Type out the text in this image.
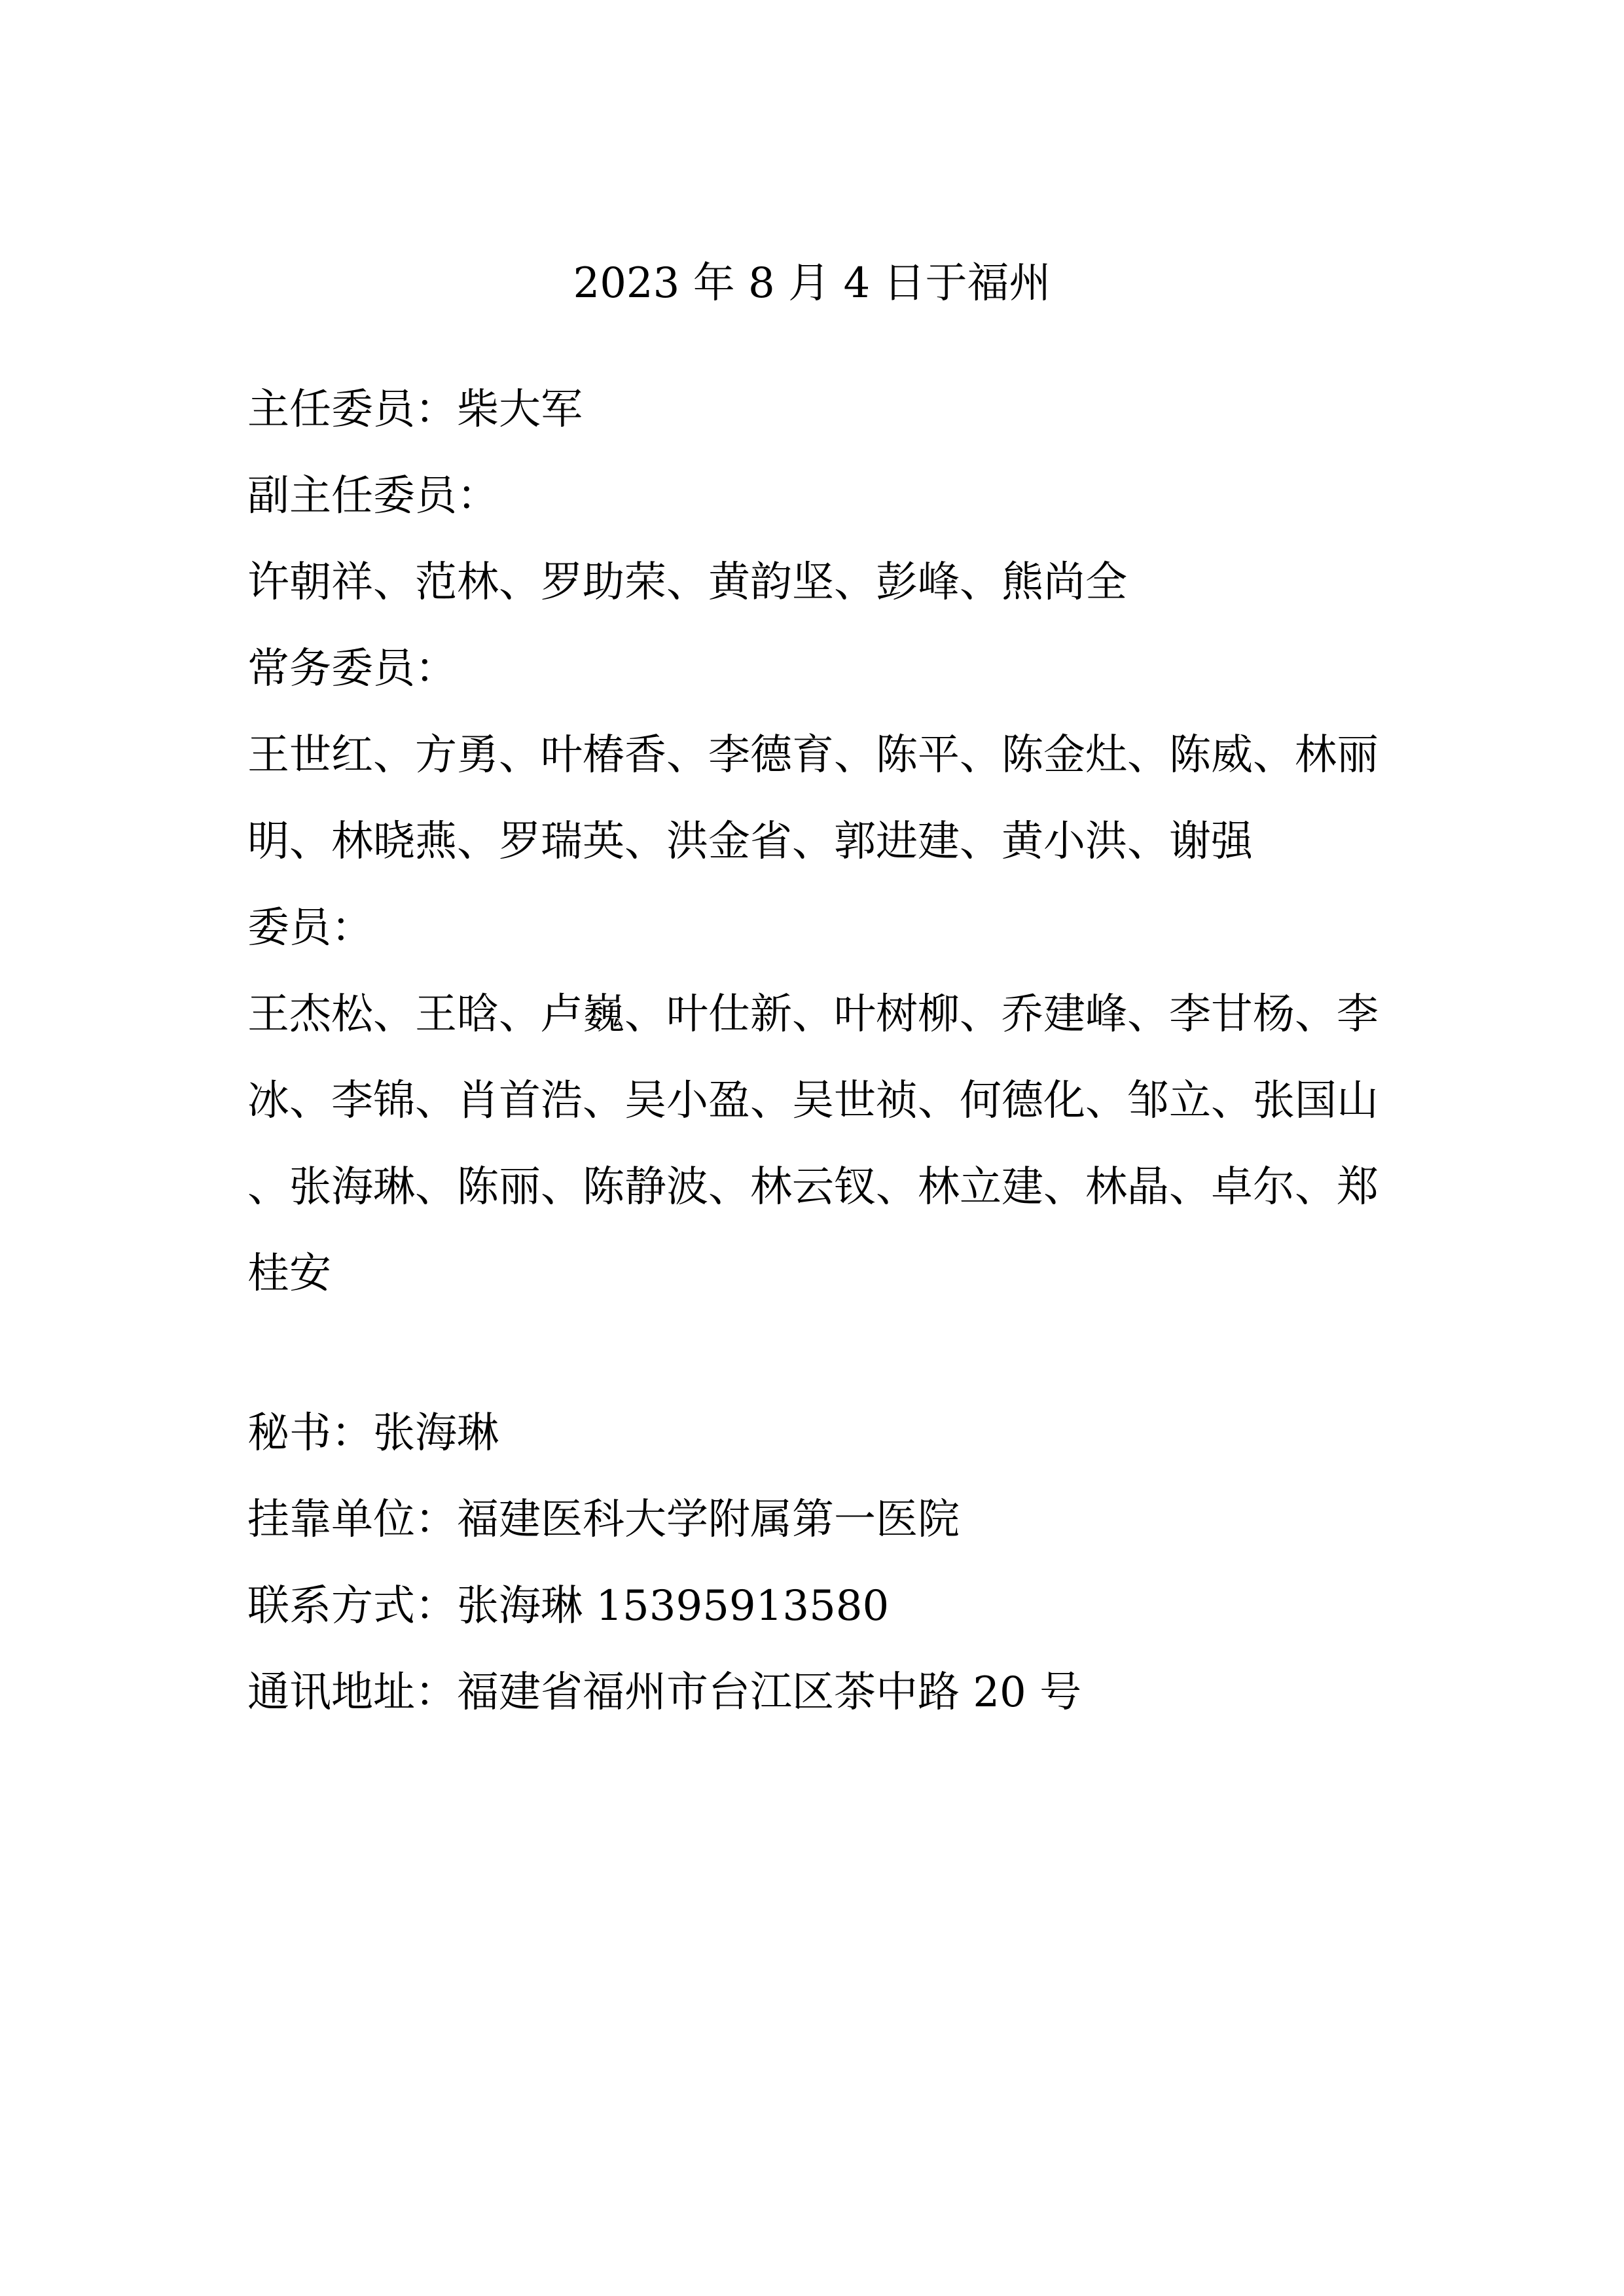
2023 年 8 月 4 日于福州
主任委员：柴大军
副主任委员：
许朝祥、范林、罗助荣、黄韵坚、彭峰、熊尚全
常务委员：
王世红、方勇、叶椿香、李德育、陈平、陈金灶、陈威、林丽明、林晓燕、罗瑞英、洪金省、郭进建、黄小洪、谢强
委员：
王杰松、王晗、卢巍、叶仕新、叶树柳、乔建峰、李甘杨、李冰、李锦、肖首浩、吴小盈、吴世祯、何德化、邹立、张国山、张海琳、陈丽、陈静波、林云钗、林立建、林晶、卓尔、郑桂安
秘书：张海琳
挂靠单位：福建医科大学附属第一医院
联系方式：张海琳 15395913580
通讯地址：福建省福州市台江区茶中路 20 号
